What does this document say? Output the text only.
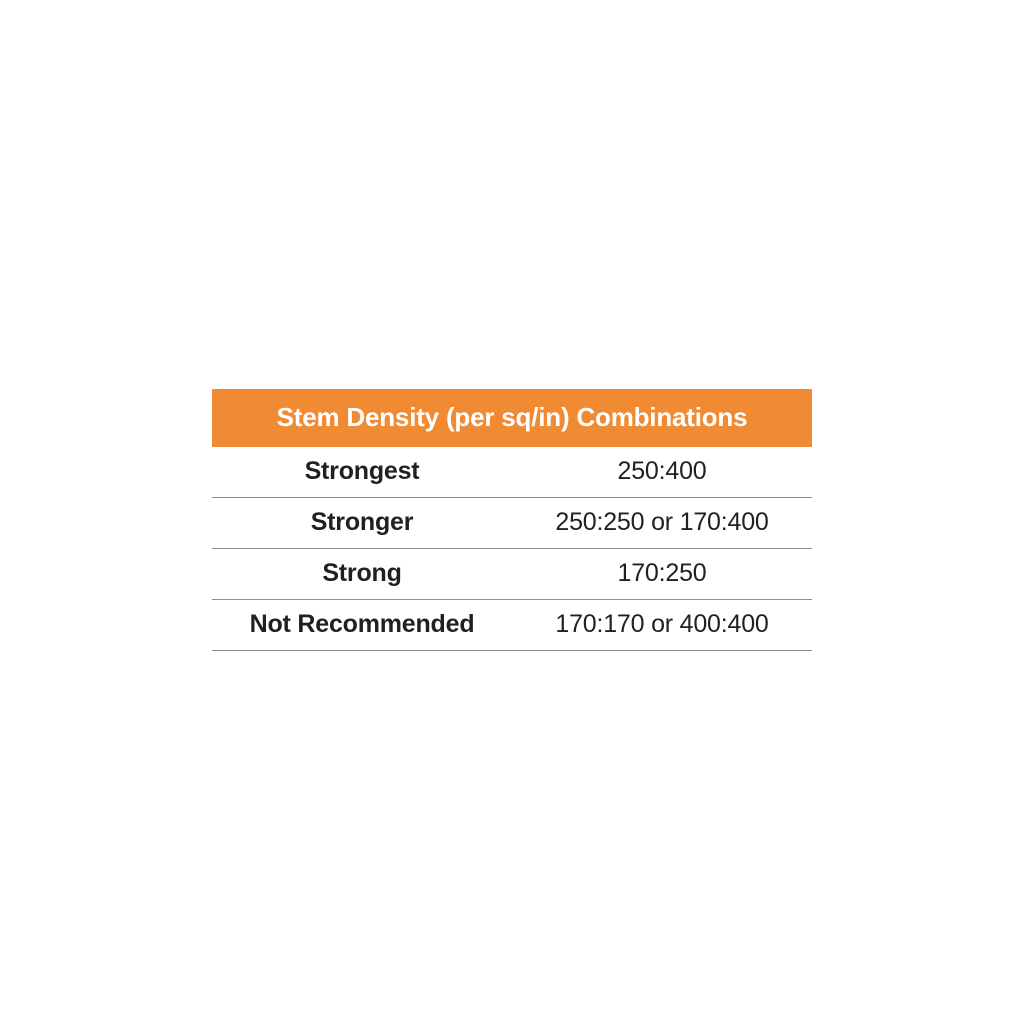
Stem Density (per sq/in) Combinations	
Strongest	250:400
Stronger	250:250 or 170:400
Strong	170:250
Not Recommended	170:170 or 400:400
